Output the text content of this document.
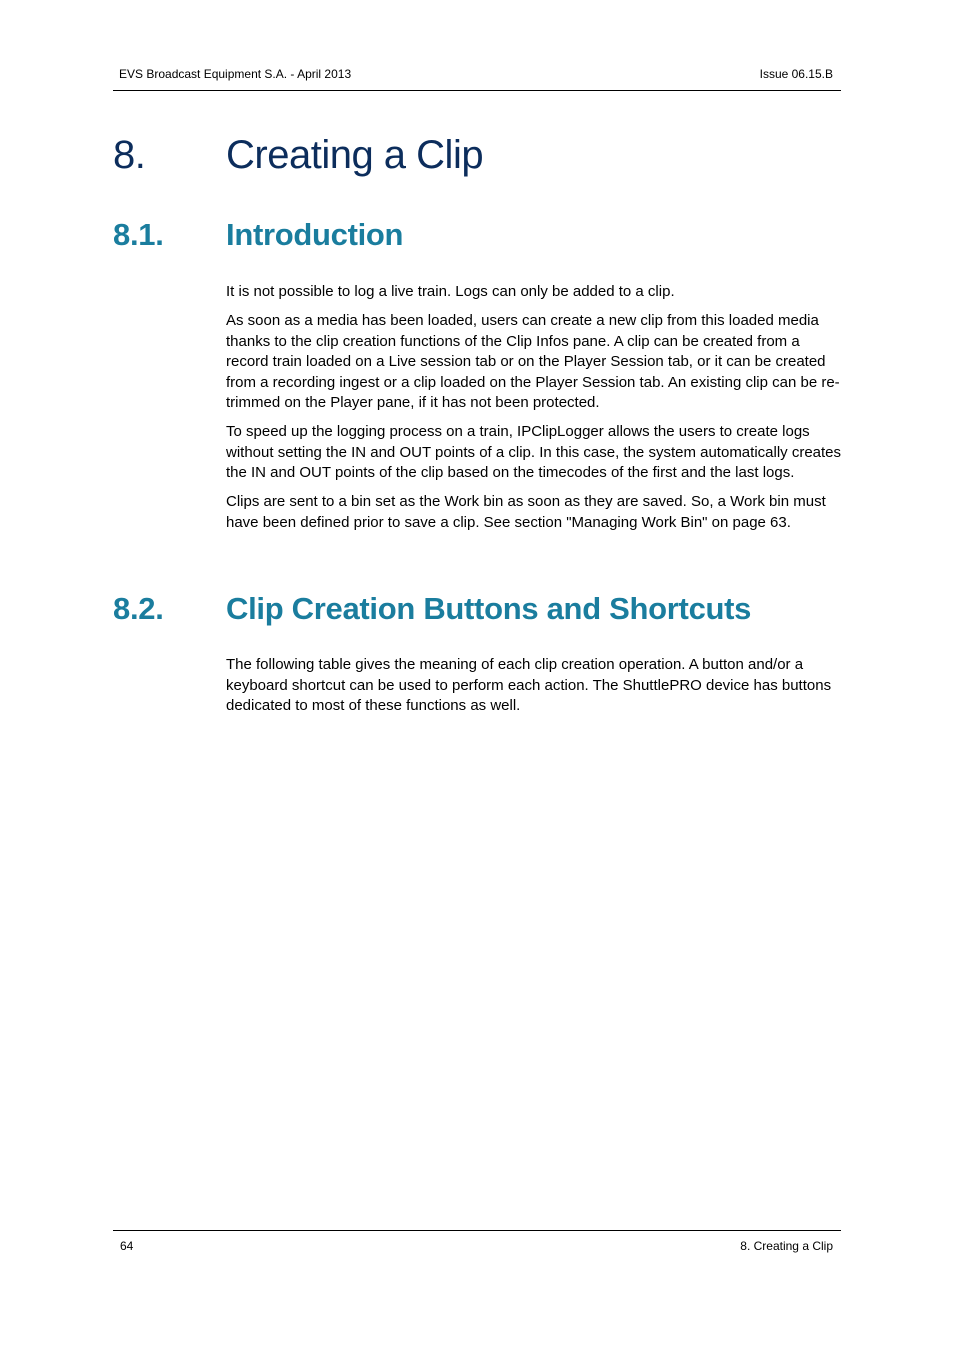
EVS Broadcast Equipment S.A. - April 2013	Issue 06.15.B
8. Creating a Clip
8.1. Introduction

It is not possible to log a live train. Logs can only be added to a clip.

As soon as a media has been loaded, users can create a new clip from this loaded media thanks to the clip creation functions of the Clip Infos pane. A clip can be created from a record train loaded on a Live session tab or on the Player Session tab, or it can be created from a recording ingest or a clip loaded on the Player Session tab. An existing clip can be re-trimmed on the Player pane, if it has not been protected.

To speed up the logging process on a train, IPClipLogger allows the users to create logs without setting the IN and OUT points of a clip. In this case, the system automatically creates the IN and OUT points of the clip based on the timecodes of the first and the last logs.

Clips are sent to a bin set as the Work bin as soon as they are saved. So, a Work bin must have been defined prior to save a clip. See section "Managing Work Bin" on page 63.

8.2. Clip Creation Buttons and Shortcuts

The following table gives the meaning of each clip creation operation. A button and/or a keyboard shortcut can be used to perform each action. The ShuttlePRO device has buttons dedicated to most of these functions as well.

64	8. Creating a Clip
